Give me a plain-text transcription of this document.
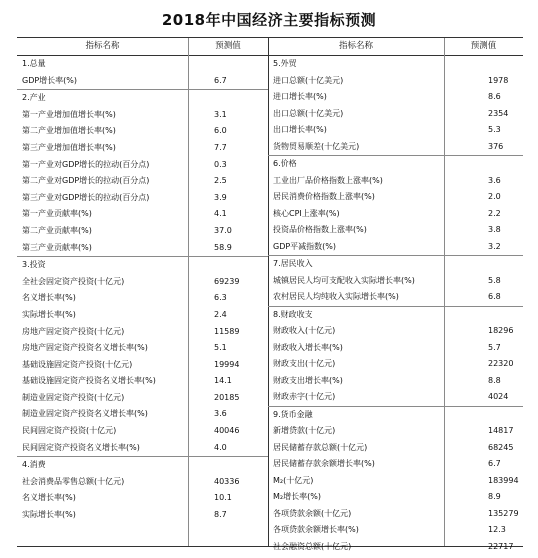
2018年中国经济主要指标预测
指标名称	预测值	指标名称	预测值
1.总量
GDP增长率(%)	6.7
2.产业
第一产业增加值增长率(%)	3.1
第二产业增加值增长率(%)	6.0
第三产业增加值增长率(%)	7.7
第一产业对GDP增长的拉动(百分点)	0.3
第二产业对GDP增长的拉动(百分点)	2.5
第三产业对GDP增长的拉动(百分点)	3.9
第一产业贡献率(%)	4.1
第二产业贡献率(%)	37.0
第三产业贡献率(%)	58.9
3.投资
全社会固定资产投资(十亿元)	69239
名义增长率(%)	6.3
实际增长率(%)	2.4
房地产固定资产投资(十亿元)	11589
房地产固定资产投资名义增长率(%)	5.1
基础设施固定资产投资(十亿元)	19994
基础设施固定资产投资名义增长率(%)	14.1
制造业固定资产投资(十亿元)	20185
制造业固定资产投资名义增长率(%)	3.6
民间固定资产投资(十亿元)	40046
民间固定资产投资名义增长率(%)	4.0
4.消费
社会消费品零售总额(十亿元)	40336
名义增长率(%)	10.1
实际增长率(%)	8.7
5.外贸
进口总额(十亿美元)	1978
进口增长率(%)	8.6
出口总额(十亿美元)	2354
出口增长率(%)	5.3
货物贸易顺差(十亿美元)	376
6.价格
工业出厂品价格指数上涨率(%)	3.6
居民消费价格指数上涨率(%)	2.0
核心CPI上涨率(%)	2.2
投资品价格指数上涨率(%)	3.8
GDP平减指数(%)	3.2
7.居民收入
城镇居民人均可支配收入实际增长率(%)	5.8
农村居民人均纯收入实际增长率(%)	6.8
8.财政收支
财政收入(十亿元)	18296
财政收入增长率(%)	5.7
财政支出(十亿元)	22320
财政支出增长率(%)	8.8
财政赤字(十亿元)	4024
9.货币金融
新增贷款(十亿元)	14817
居民储蓄存款总额(十亿元)	68245
居民储蓄存款余额增长率(%)	6.7
M₂(十亿元)	183994
M₂增长率(%)	8.9
各项贷款余额(十亿元)	135279
各项贷款余额增长率(%)	12.3
社会融资总额(十亿元)	22717
